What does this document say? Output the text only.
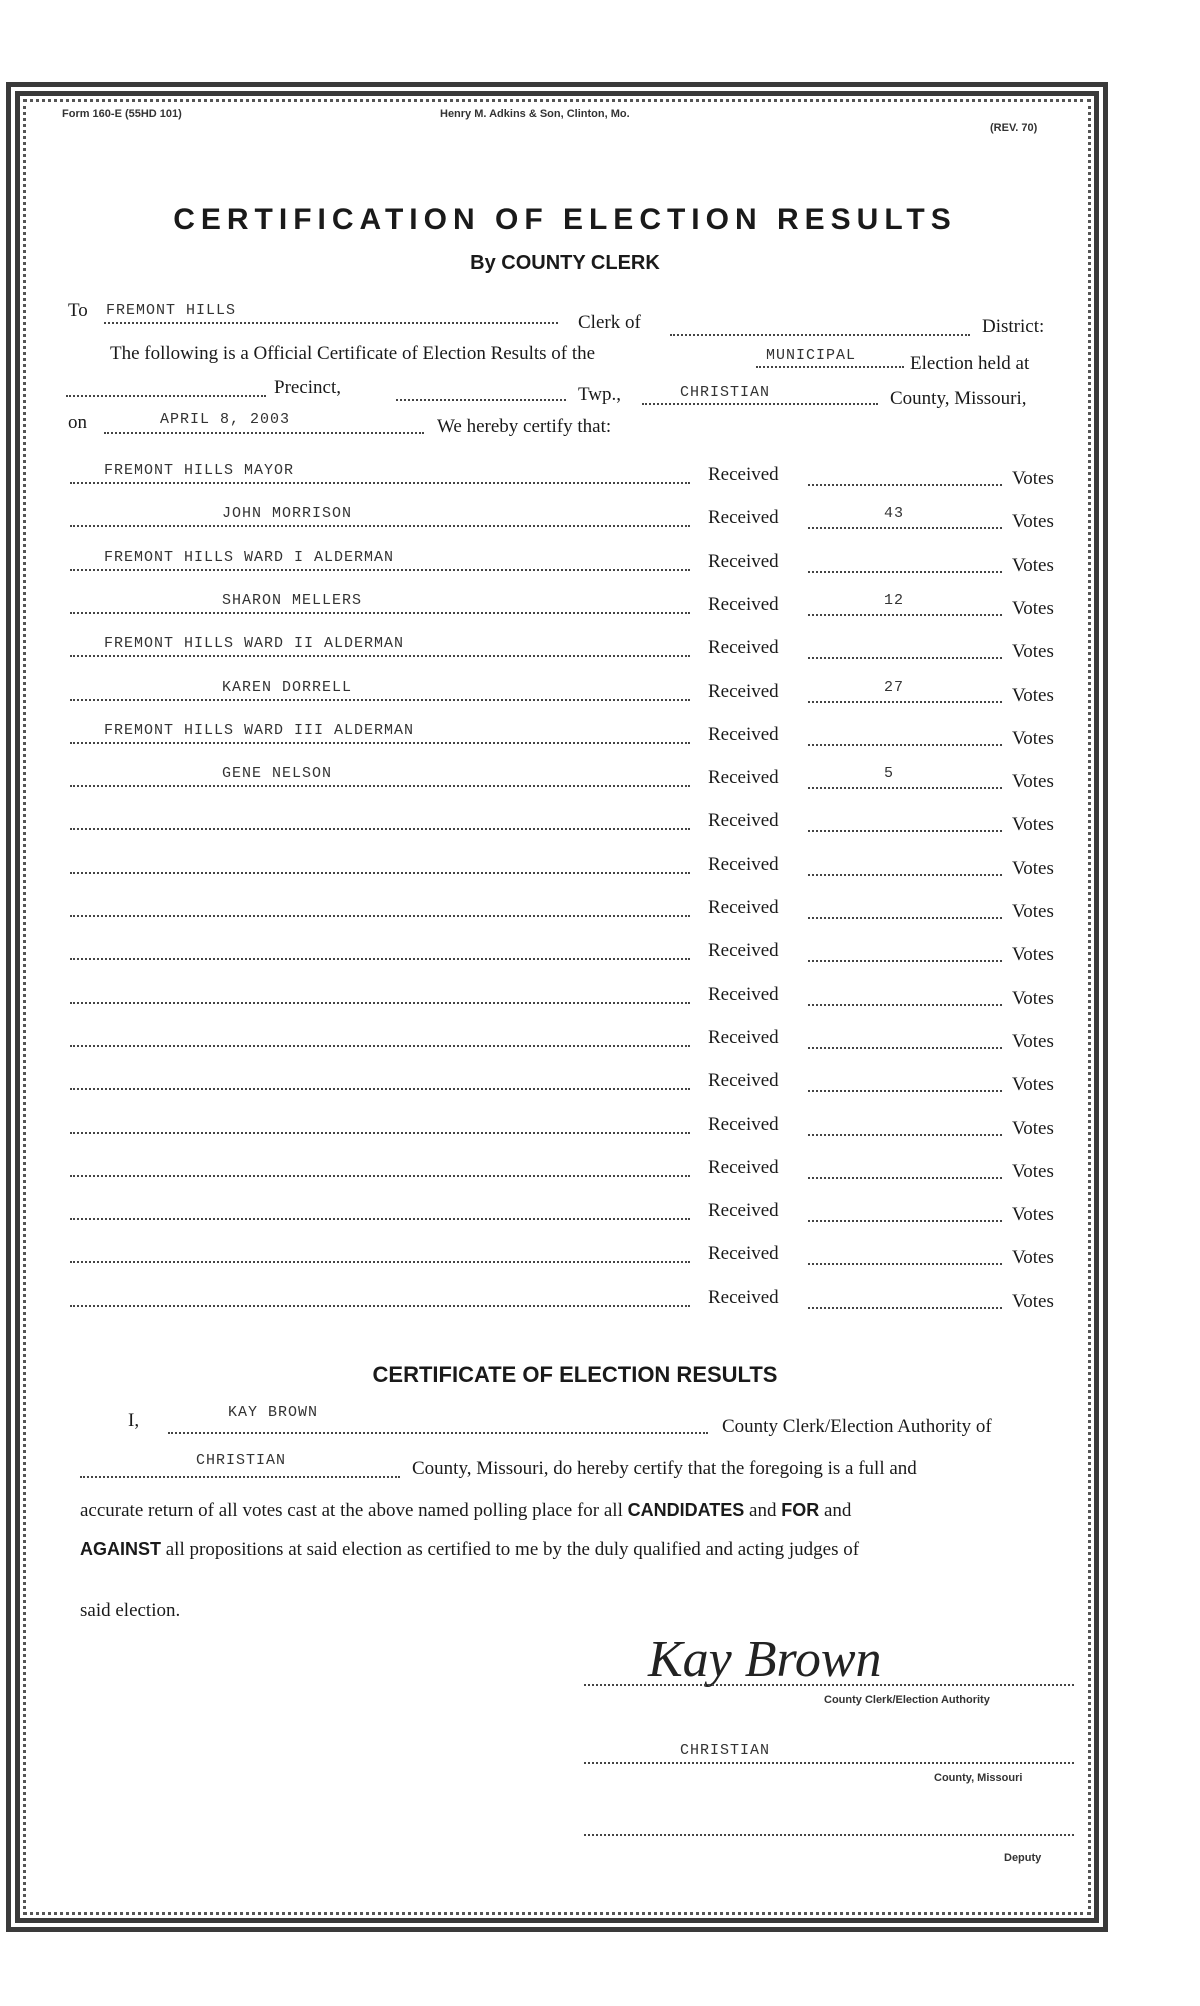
Form 160-E (55HD 101)	Henry M. Adkins & Son, Clinton, Mo.
(REV. 70)
CERTIFICATION OF ELECTION RESULTS
By COUNTY CLERK
To FREMONT HILLS
Clerk of	District:
The following is a Official Certificate of Election Results of the	MUNICIPAL	Election held at
Precinct,	Twp.,	CHRISTIAN	County, Missouri,
on	APRIL 8, 2003	We hereby certify that:
FREMONT HILLS MAYOR	Received	Votes
JOHN MORRISON	Received	43	Votes
FREMONT HILLS WARD I ALDERMAN	Received	Votes
SHARON MELLERS	Received	12	Votes
FREMONT HILLS WARD II ALDERMAN	Received	Votes
KAREN DORRELL	Received	27	Votes
FREMONT HILLS WARD III ALDERMAN	Received	Votes
GENE NELSON	Received	5	Votes
Received	Votes
Received	Votes
Received	Votes
Received	Votes
Received	Votes
Received	Votes
Received	Votes
Received	Votes
Received	Votes
Received	Votes
Received	Votes
Received	Votes
CERTIFICATE OF ELECTION RESULTS
I,	KAY BROWN
County Clerk/Election Authority of
CHRISTIAN	County, Missouri, do hereby certify that the foregoing is a full and
accurate return of all votes cast at the above named polling place for all CANDIDATES and FOR and
AGAINST all propositions at said election as certified to me by the duly qualified and acting judges of
said election.
Kay Brown
County Clerk/Election Authority
CHRISTIAN
County, Missouri
Deputy
